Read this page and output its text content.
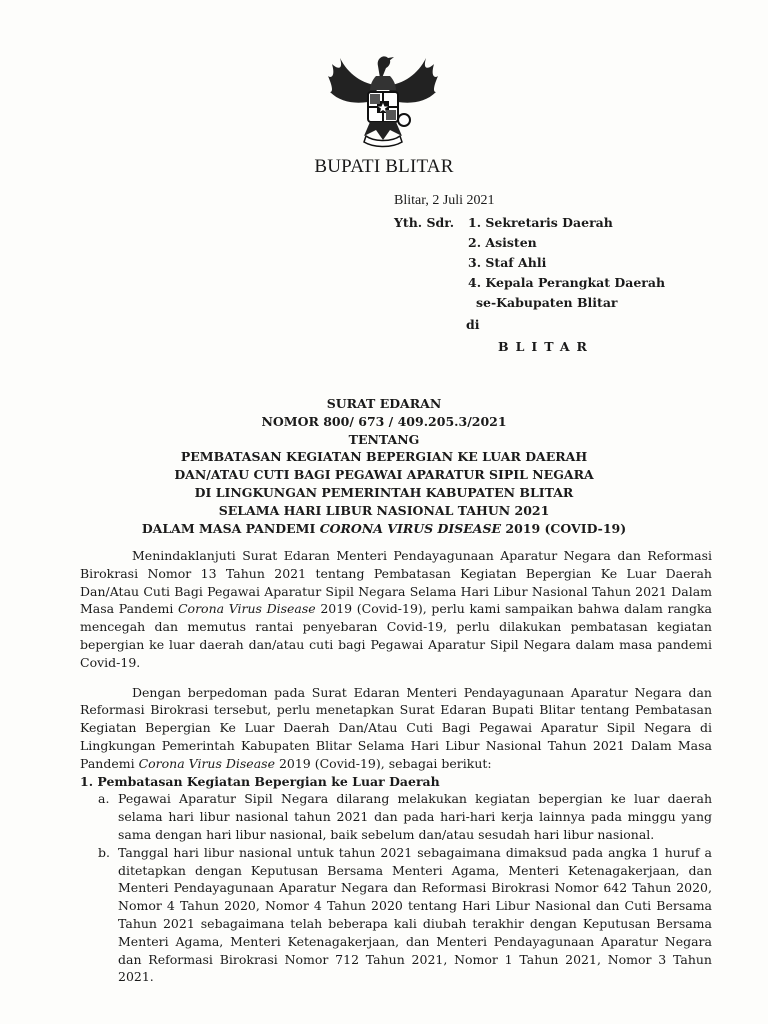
BUPATI BLITAR
Blitar, 2 Juli 2021
Yth. Sdr. 1. Sekretaris Daerah
2. Asisten
3. Staf Ahli
4. Kepala Perangkat Daerah
se-Kabupaten Blitar
di
BLITAR
SURAT EDARAN
NOMOR 800/ 673 / 409.205.3/2021
TENTANG
PEMBATASAN KEGIATAN BEPERGIAN KE LUAR DAERAH
DAN/ATAU CUTI BAGI PEGAWAI APARATUR SIPIL NEGARA
DI LINGKUNGAN PEMERINTAH KABUPATEN BLITAR
SELAMA HARI LIBUR NASIONAL TAHUN 2021
DALAM MASA PANDEMI CORONA VIRUS DISEASE 2019 (COVID-19)

Menindaklanjuti Surat Edaran Menteri Pendayagunaan Aparatur Negara dan Reformasi Birokrasi Nomor 13 Tahun 2021 tentang Pembatasan Kegiatan Bepergian Ke Luar Daerah Dan/Atau Cuti Bagi Pegawai Aparatur Sipil Negara Selama Hari Libur Nasional Tahun 2021 Dalam Masa Pandemi Corona Virus Disease 2019 (Covid-19), perlu kami sampaikan bahwa dalam rangka mencegah dan memutus rantai penyebaran Covid-19, perlu dilakukan pembatasan kegiatan bepergian ke luar daerah dan/atau cuti bagi Pegawai Aparatur Sipil Negara dalam masa pandemi Covid-19.

Dengan berpedoman pada Surat Edaran Menteri Pendayagunaan Aparatur Negara dan Reformasi Birokrasi tersebut, perlu menetapkan Surat Edaran Bupati Blitar tentang Pembatasan Kegiatan Bepergian Ke Luar Daerah Dan/Atau Cuti Bagi Pegawai Aparatur Sipil Negara di Lingkungan Pemerintah Kabupaten Blitar Selama Hari Libur Nasional Tahun 2021 Dalam Masa Pandemi Corona Virus Disease 2019 (Covid-19), sebagai berikut:

1. Pembatasan Kegiatan Bepergian ke Luar Daerah
a. Pegawai Aparatur Sipil Negara dilarang melakukan kegiatan bepergian ke luar daerah selama hari libur nasional tahun 2021 dan pada hari-hari kerja lainnya pada minggu yang sama dengan hari libur nasional, baik sebelum dan/atau sesudah hari libur nasional.
b. Tanggal hari libur nasional untuk tahun 2021 sebagaimana dimaksud pada angka 1 huruf a ditetapkan dengan Keputusan Bersama Menteri Agama, Menteri Ketenagakerjaan, dan Menteri Pendayagunaan Aparatur Negara dan Reformasi Birokrasi Nomor 642 Tahun 2020, Nomor 4 Tahun 2020, Nomor 4 Tahun 2020 tentang Hari Libur Nasional dan Cuti Bersama Tahun 2021 sebagaimana telah beberapa kali diubah terakhir dengan Keputusan Bersama Menteri Agama, Menteri Ketenagakerjaan, dan Menteri Pendayagunaan Aparatur Negara dan Reformasi Birokrasi Nomor 712 Tahun 2021, Nomor 1 Tahun 2021, Nomor 3 Tahun 2021.
